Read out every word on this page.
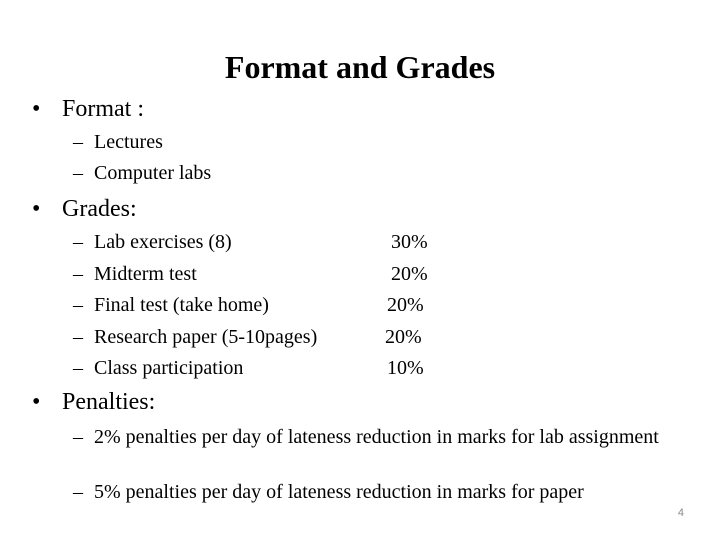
Format and Grades
• Format :
– Lectures
– Computer labs
• Grades:
– Lab exercises (8)	30%
– Midterm test	20%
– Final test (take home)	20%
– Research paper (5-10pages)	20%
– Class participation	10%
• Penalties:
– 2% penalties per day of lateness reduction in marks for lab assignment
– 5% penalties per day of lateness reduction in marks for paper
4
